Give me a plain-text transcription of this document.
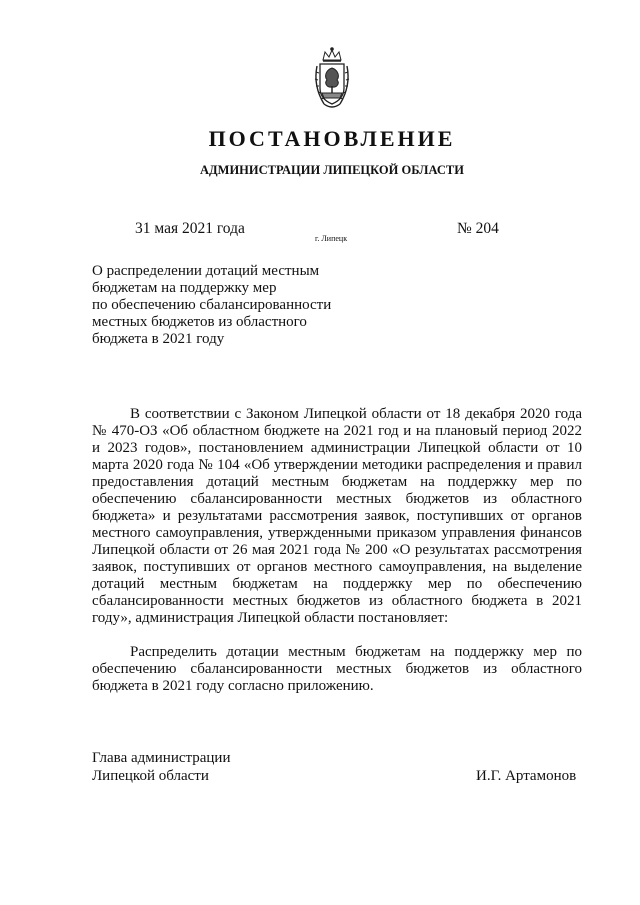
ПОСТАНОВЛЕНИЕ
АДМИНИСТРАЦИИ ЛИПЕЦКОЙ ОБЛАСТИ
31 мая 2021 года
г. Липецк
№ 204
О распределении дотаций местным
бюджетам на поддержку мер
по обеспечению сбалансированности
местных бюджетов из областного
бюджета в 2021 году

В соответствии с Законом Липецкой области от 18 декабря 2020 года № 470-ОЗ «Об областном бюджете на 2021 год и на плановый период 2022 и 2023 годов», постановлением администрации Липецкой области от 10 марта 2020 года № 104 «Об утверждении методики распределения и правил предоставления дотаций местным бюджетам на поддержку мер по обеспечению сбалансированности местных бюджетов из областного бюджета» и результатами рассмотрения заявок, поступивших от органов местного самоуправления, утвержденными приказом управления финансов Липецкой области от 26 мая 2021 года № 200 «О результатах рассмотрения заявок, поступивших от органов местного самоуправления, на выделение дотаций местным бюджетам на поддержку мер по обеспечению сбалансированности местных бюджетов из областного бюджета в 2021 году», администрация Липецкой области постановляет:

Распределить дотации местным бюджетам на поддержку мер по обеспечению сбалансированности местных бюджетов из областного бюджета в 2021 году согласно приложению.

Глава администрации
Липецкой области	И.Г. Артамонов
